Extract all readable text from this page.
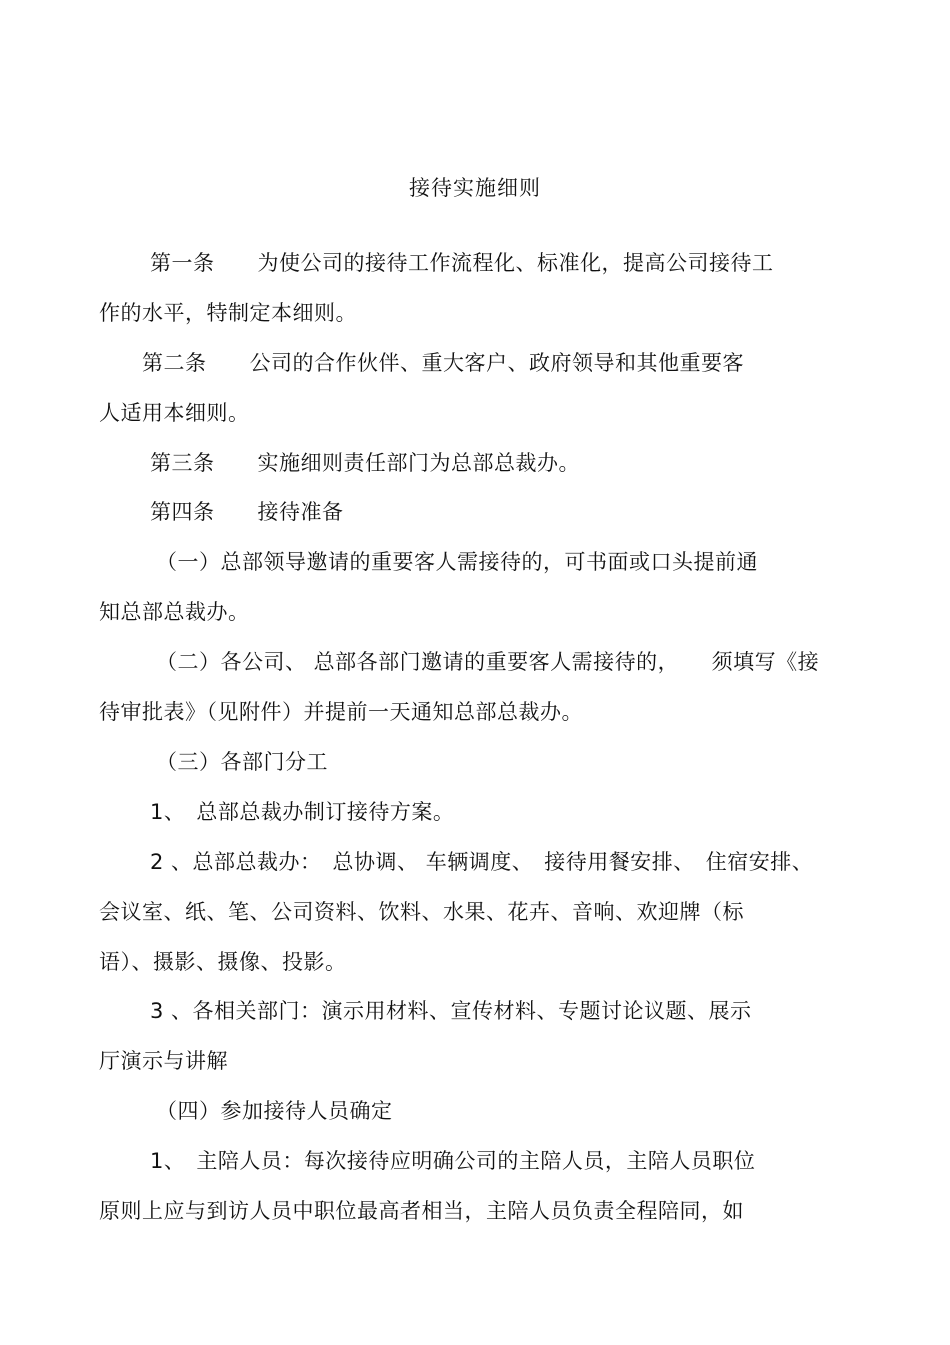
接待实施细则
第一条　　为使公司的接待工作流程化、标准化，提高公司接待工
作的水平，特制定本细则。
第二条　　公司的合作伙伴、重大客户、政府领导和其他重要客
人适用本细则。
第三条　　实施细则责任部门为总部总裁办。
第四条　　接待准备
（一）总部领导邀请的重要客人需接待的，可书面或口头提前通
知总部总裁办。
（二）各公司、 总部各部门邀请的重要客人需接待的，　　须填写《接
待审批表》（见附件）并提前一天通知总部总裁办。
（三）各部门分工
1、　总部总裁办制订接待方案。
2 、总部总裁办：　总协调、 车辆调度、　接待用餐安排、　住宿安排、
会议室、纸、笔、公司资料、饮料、水果、花卉、音响、欢迎牌（标
语）、摄影、摄像、投影。
3 、各相关部门：演示用材料、宣传材料、专题讨论议题、展示
厅演示与讲解
（四）参加接待人员确定
1、　主陪人员：每次接待应明确公司的主陪人员，主陪人员职位
原则上应与到访人员中职位最高者相当，主陪人员负责全程陪同，如
